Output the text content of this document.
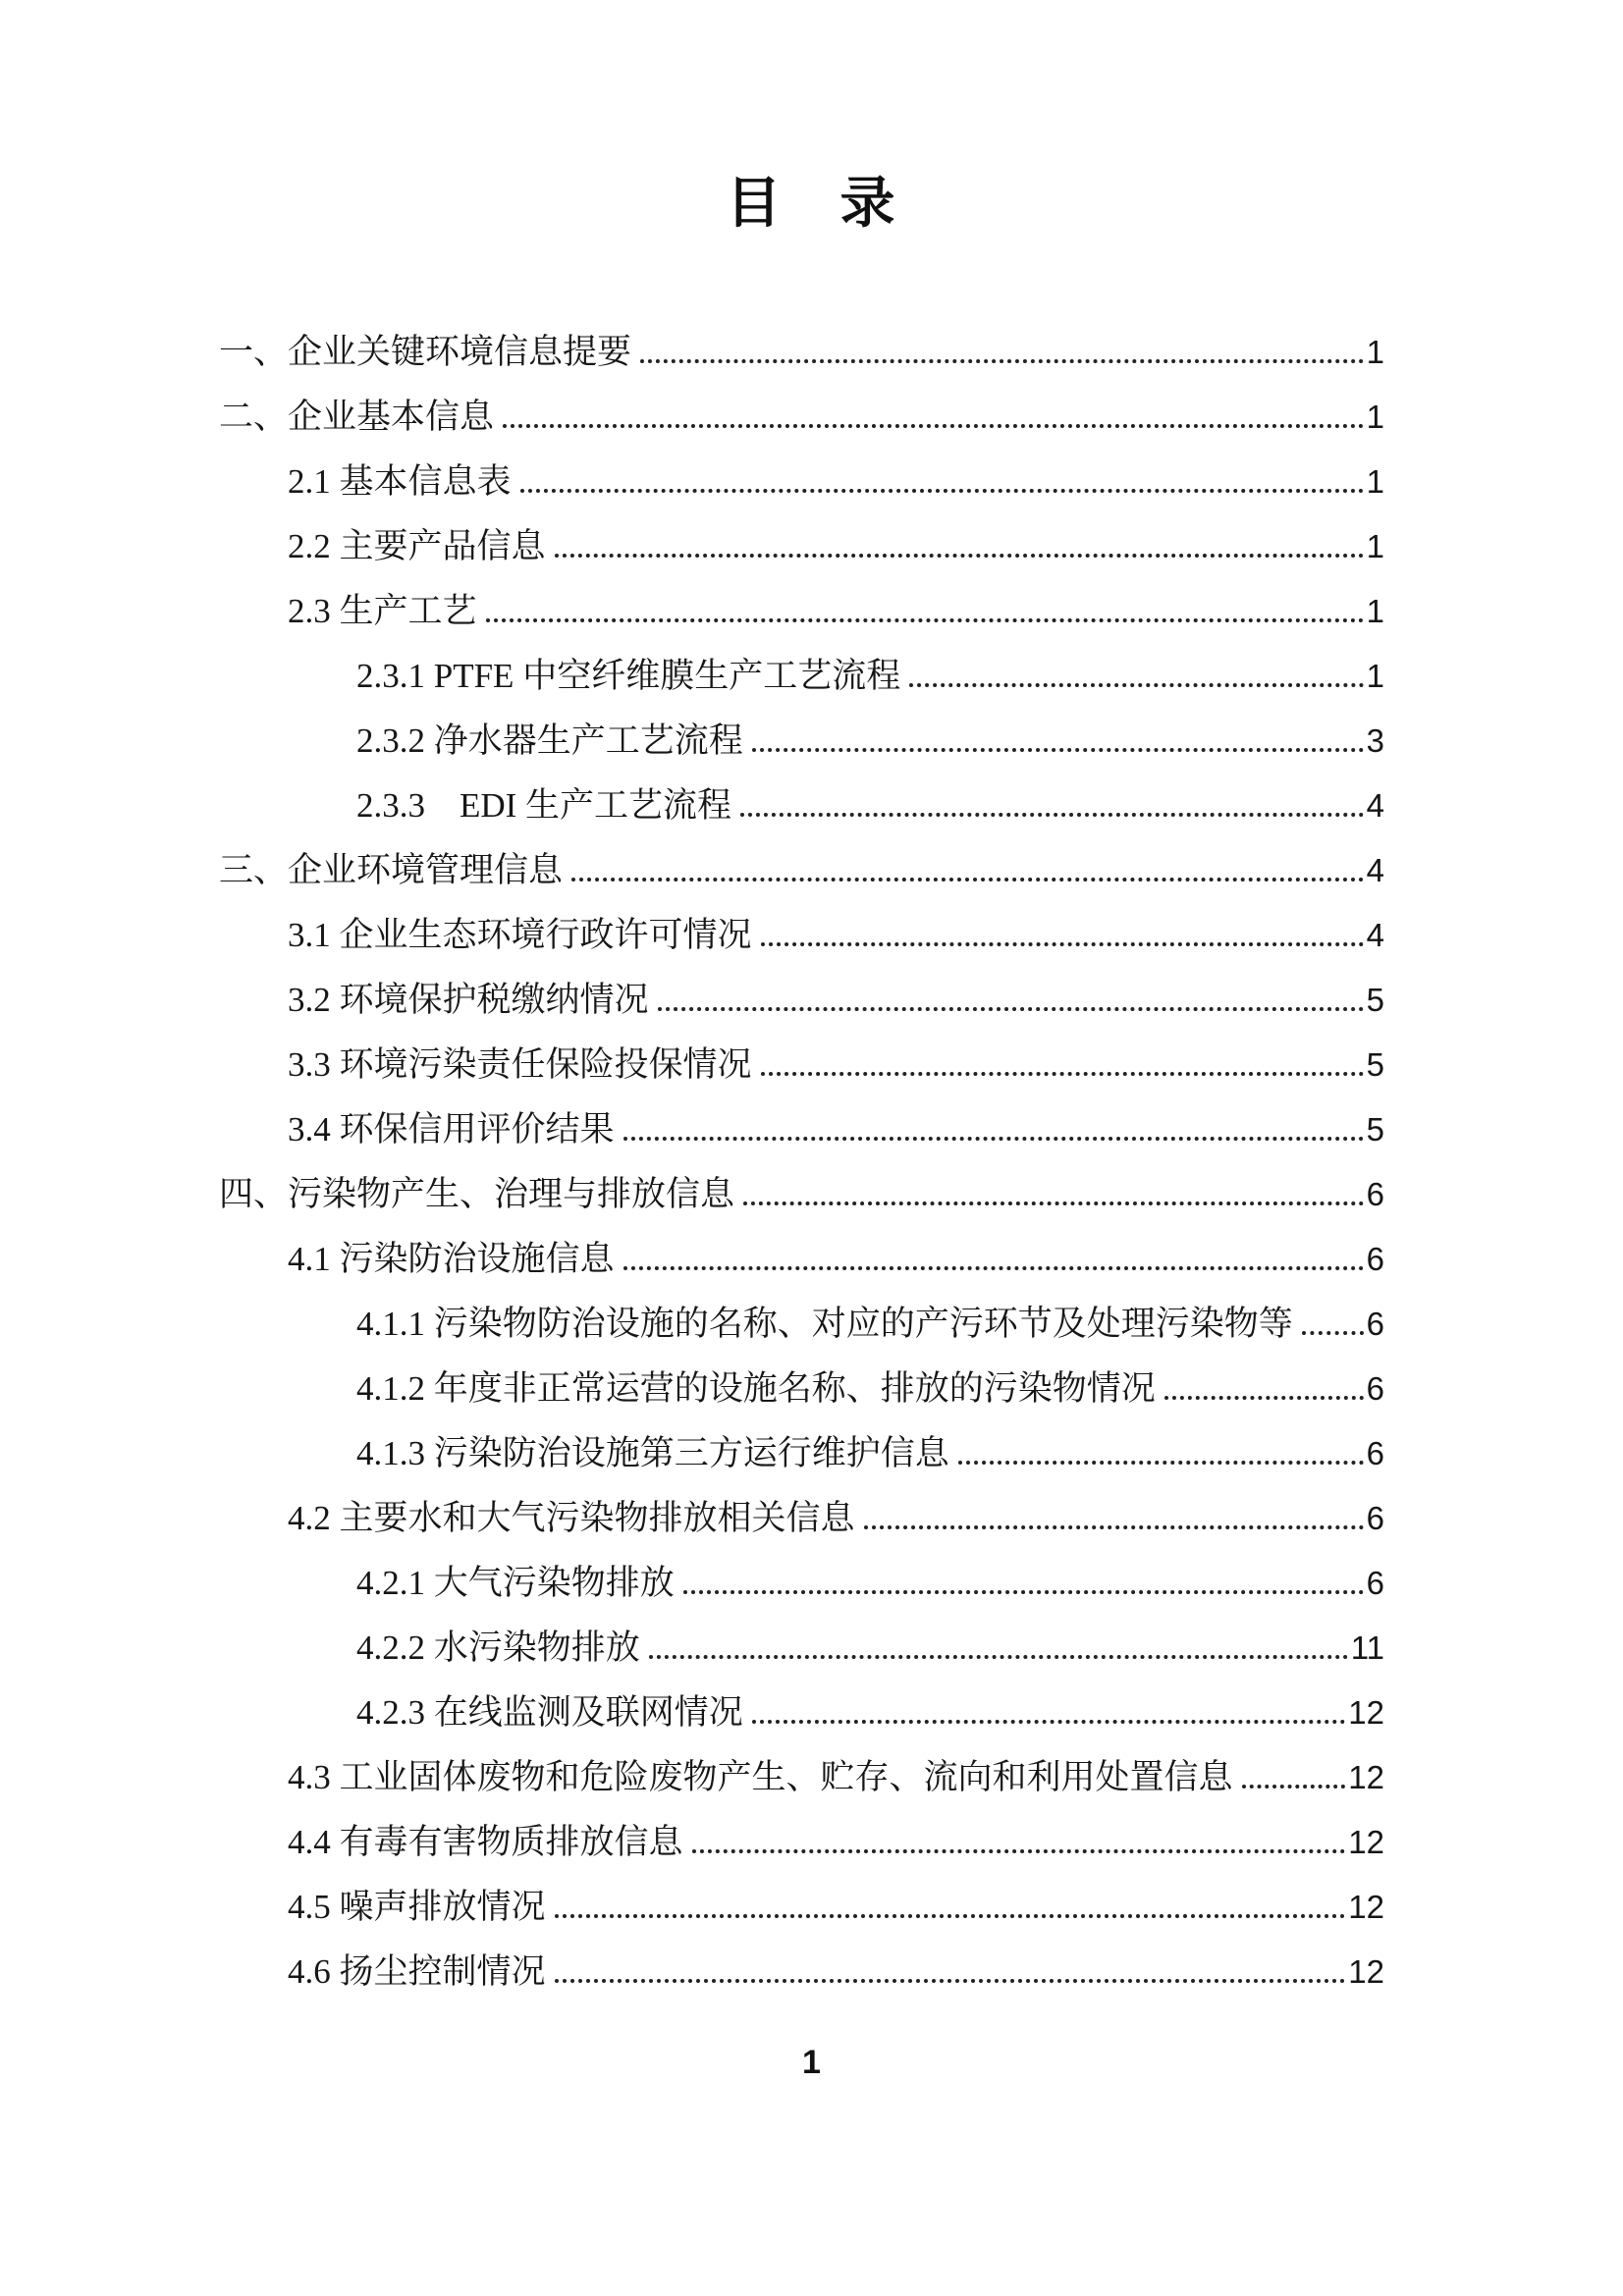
目　录
一、企业关键环境信息提要	1
二、企业基本信息	1
2.1 基本信息表	1
2.2 主要产品信息	1
2.3 生产工艺	1
2.3.1 PTFE 中空纤维膜生产工艺流程	1
2.3.2 净水器生产工艺流程	3
2.3.3　EDI 生产工艺流程	4
三、企业环境管理信息	4
3.1 企业生态环境行政许可情况	4
3.2 环境保护税缴纳情况	5
3.3 环境污染责任保险投保情况	5
3.4 环保信用评价结果	5
四、污染物产生、治理与排放信息	6
4.1 污染防治设施信息	6
4.1.1 污染物防治设施的名称、对应的产污环节及处理污染物等 6
4.1.2 年度非正常运营的设施名称、排放的污染物情况	6
4.1.3 污染防治设施第三方运行维护信息	6
4.2 主要水和大气污染物排放相关信息	6
4.2.1 大气污染物排放	6
4.2.2 水污染物排放	11
4.2.3 在线监测及联网情况	12
4.3 工业固体废物和危险废物产生、贮存、流向和利用处置信息	12
4.4 有毒有害物质排放信息	12
4.5 噪声排放情况	12
4.6 扬尘控制情况	12
1
